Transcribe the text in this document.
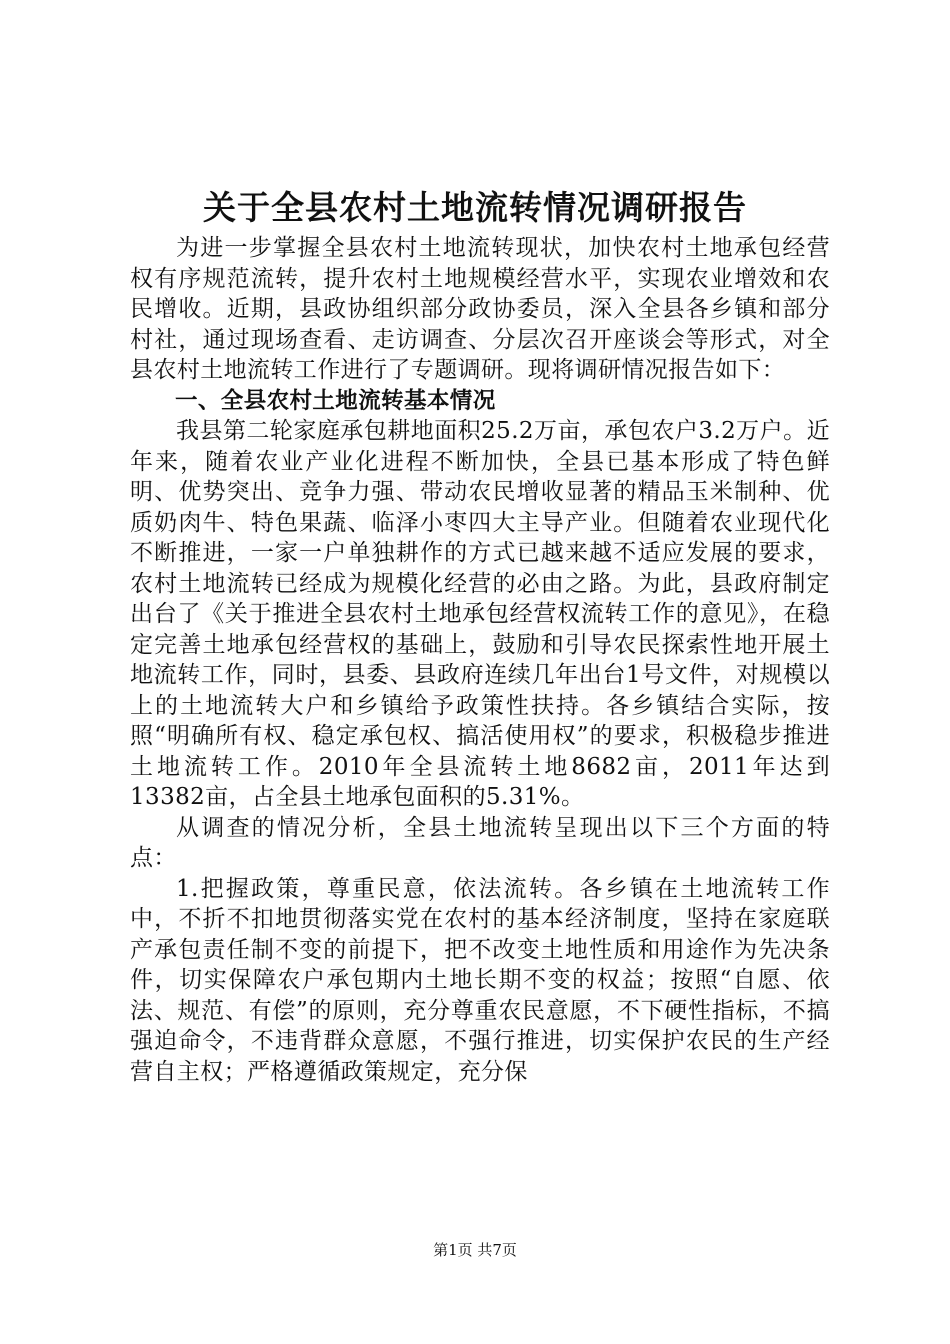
关于全县农村土地流转情况调研报告

为进一步掌握全县农村土地流转现状，加快农村土地承包经营权有序规范流转，提升农村土地规模经营水平，实现农业增效和农民增收。近期，县政协组织部分政协委员，深入全县各乡镇和部分村社，通过现场查看、走访调查、分层次召开座谈会等形式，对全县农村土地流转工作进行了专题调研。现将调研情况报告如下：

一、全县农村土地流转基本情况

我县第二轮家庭承包耕地面积25.2万亩，承包农户3.2万户。近年来，随着农业产业化进程不断加快，全县已基本形成了特色鲜明、优势突出、竞争力强、带动农民增收显著的精品玉米制种、优质奶肉牛、特色果蔬、临泽小枣四大主导产业。但随着农业现代化不断推进，一家一户单独耕作的方式已越来越不适应发展的要求，农村土地流转已经成为规模化经营的必由之路。为此，县政府制定出台了《关于推进全县农村土地承包经营权流转工作的意见》，在稳定完善土地承包经营权的基础上，鼓励和引导农民探索性地开展土地流转工作，同时，县委、县政府连续几年出台1号文件，对规模以上的土地流转大户和乡镇给予政策性扶持。各乡镇结合实际，按照“明确所有权、稳定承包权、搞活使用权”的要求，积极稳步推进土地流转工作。2010年全县流转土地8682亩，2011年达到13382亩，占全县土地承包面积的5.31%。

从调查的情况分析，全县土地流转呈现出以下三个方面的特点：

1.把握政策，尊重民意，依法流转。各乡镇在土地流转工作中，不折不扣地贯彻落实党在农村的基本经济制度，坚持在家庭联产承包责任制不变的前提下，把不改变土地性质和用途作为先决条件，切实保障农户承包期内土地长期不变的权益；按照“自愿、依法、规范、有偿”的原则，充分尊重农民意愿，不下硬性指标，不搞强迫命令，不违背群众意愿，不强行推进，切实保护农民的生产经营自主权；严格遵循政策规定，充分保

第1页 共7页
